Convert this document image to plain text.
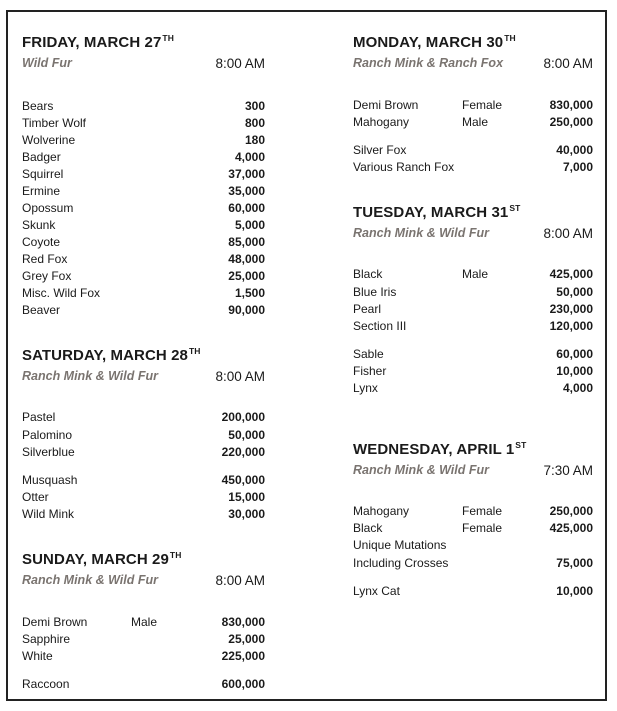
FRIDAY, MARCH 27TH
Wild Fur	8:00 AM
Bears	300
Timber Wolf	800
Wolverine	180
Badger	4,000
Squirrel	37,000
Ermine	35,000
Opossum	60,000
Skunk	5,000
Coyote	85,000
Red Fox	48,000
Grey Fox	25,000
Misc. Wild Fox	1,500
Beaver	90,000
SATURDAY, MARCH 28TH
Ranch Mink & Wild Fur	8:00 AM
Pastel	200,000
Palomino	50,000
Silverblue	220,000
Musquash	450,000
Otter	15,000
Wild Mink	30,000
SUNDAY, MARCH 29TH
Ranch Mink & Wild Fur	8:00 AM
Demi Brown	Male	830,000
Sapphire	25,000
White	225,000
Raccoon	600,000
MONDAY, MARCH 30TH
Ranch Mink & Ranch Fox	8:00 AM
Demi Brown	Female	830,000
Mahogany	Male	250,000
Silver Fox	40,000
Various Ranch Fox	7,000
TUESDAY, MARCH 31ST
Ranch Mink & Wild Fur	8:00 AM
Black	Male	425,000
Blue Iris	50,000
Pearl	230,000
Section III	120,000
Sable	60,000
Fisher	10,000
Lynx	4,000
WEDNESDAY, APRIL 1ST
Ranch Mink & Wild Fur	7:30 AM
Mahogany	Female	250,000
Black	Female	425,000
Unique Mutations
Including Crosses	75,000
Lynx Cat	10,000
